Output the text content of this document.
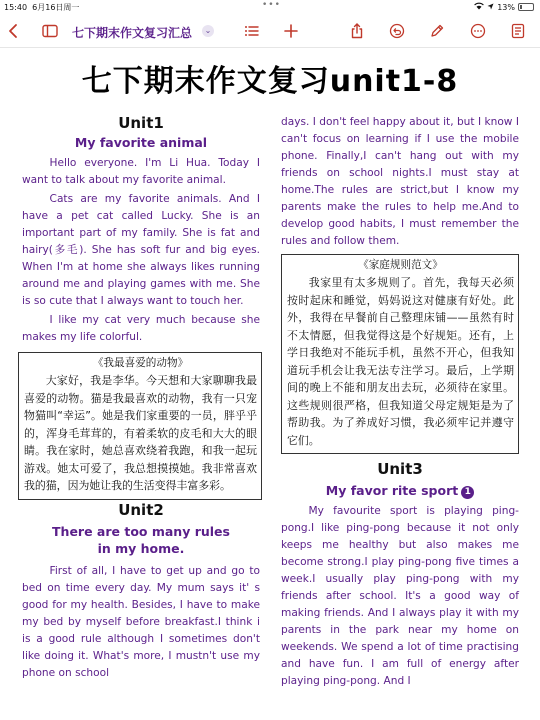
15:40 6月16日周一	•••	13%
七下期末作文复习汇总	⌄
七下期末作文复习unit1-8
Unit1
My favorite animal

Hello everyone. I'm Li Hua. Today I want to talk about my favorite animal.

Cats are my favorite animals. And I have a pet cat called Lucky. She is an important part of my family. She is fat and hairy(多毛). She has soft fur and big eyes. When I'm at home she always likes running around me and playing games with me. She is so cute that I always want to touch her.

I like my cat very much because she makes my life colorful.

《我最喜爱的动物》

大家好，我是李华。今天想和大家聊聊我最喜爱的动物。猫是我最喜欢的动物，我有一只宠物猫叫“幸运”。她是我们家重要的一员，胖乎乎的，浑身毛茸茸的，有着柔软的皮毛和大大的眼睛。我在家时，她总喜欢绕着我跑，和我一起玩游戏。她太可爱了，我总想摸摸她。我非常喜欢我的猫，因为她让我的生活变得丰富多彩。

Unit2
There are too many rules
in my home.

First of all, I have to get up and go to bed on time every day. My mum says it' s good for my health. Besides, I have to make my bed by myself before breakfast.I think i is a good rule although I sometimes don't like doing it. What's more, I mustn't use my phone on school

days. I don't feel happy about it, but I know I can't focus on learning if I use the mobile phone. Finally,I can't hang out with my friends on school nights.I must stay at home.The rules are strict,but I know my parents make the rules to help me.And to develop good habits, I must remember the rules and follow them.

《家庭规则范文》

我家里有太多规则了。首先，我每天必须按时起床和睡觉，妈妈说这对健康有好处。此外，我得在早餐前自己整理床铺——虽然有时不太情愿，但我觉得这是个好规矩。还有，上学日我绝对不能玩手机，虽然不开心，但我知道玩手机会让我无法专注学习。最后，上学期间的晚上不能和朋友出去玩，必须待在家里。这些规则很严格，但我知道父母定规矩是为了帮助我。为了养成好习惯，我必须牢记并遵守它们。

Unit3
My favor rite sport 1

My favourite sport is playing ping-pong.I like ping-pong because it not only keeps me healthy but also makes me become strong.I play ping-pong five times a week.I usually play ping-pong with my friends after school. It's a good way of making friends. And I always play it with my parents in the park near my home on weekends. We spend a lot of time practising and have fun. I am full of energy after playing ping-pong. And I
